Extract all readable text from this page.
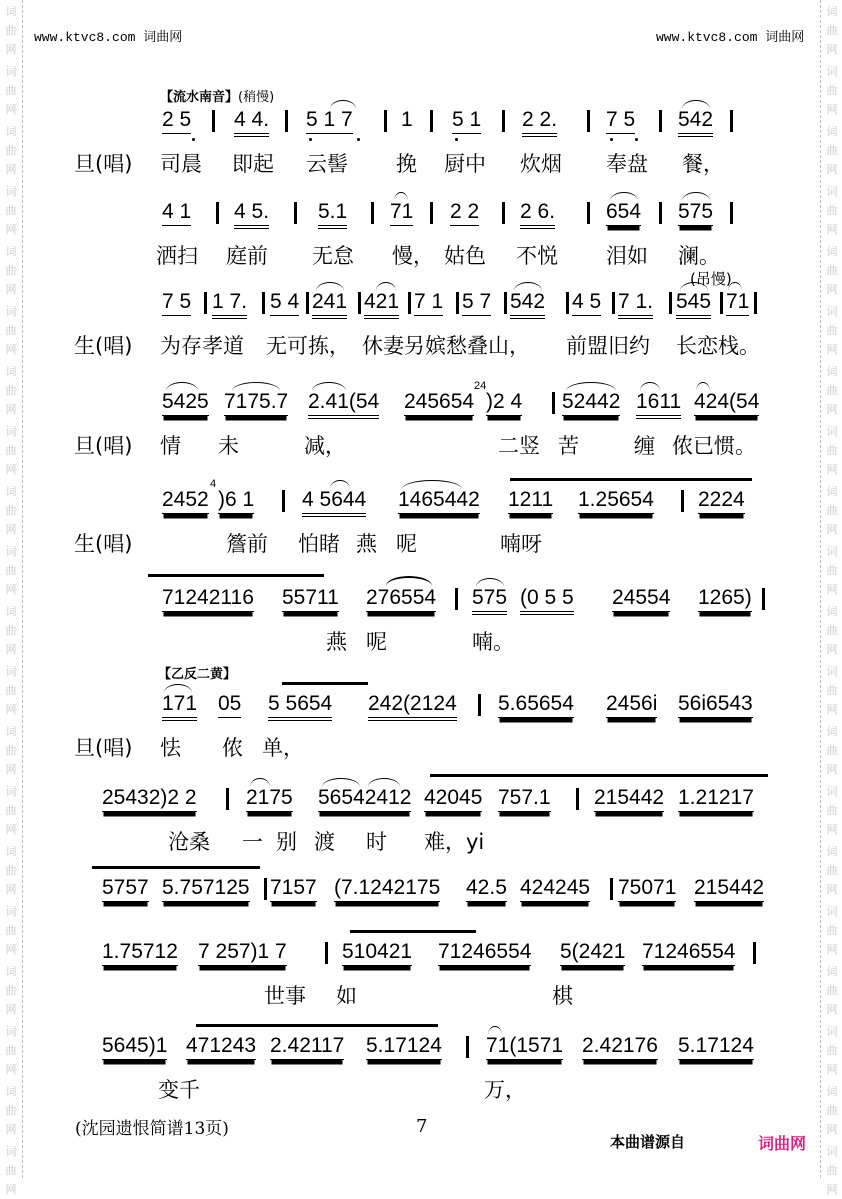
词
曲
网
词
曲
网
词
曲
网
词
曲
网
词
曲
网
词
曲
网
词
曲
网
词
曲
网
词
曲
网
词
曲
网
词
曲
网
词
曲
网
词
曲
网
词
曲
网
词
曲
网
词
曲
网
词
曲
网
词
曲
网
词
曲
网
词
曲
网
词
曲
网
词
曲
网
词
曲
网
词
曲
网
词
曲
网
词
曲
网
词
曲
网
词
曲
网
词
曲
网
词
曲
网
词
曲
网
词
曲
网
词
曲
网
词
曲
网
词
曲
网
词
曲
网
词
曲
网
词
曲
网
词
曲
网
词
曲
网
www.ktvc8.com 词曲网	www.ktvc8.com 词曲网
【流水南音】(稍慢)
2 5 4 4. 5 1 7 1 5 1 2 2. 7 5 542
旦(唱) 司晨 即起 云髻 挽 厨中 炊烟 奉盘 餐，
4 1 4 5. 5.1 71 2 2 2 6. 654 575
洒扫 庭前 无怠 慢， 姑色 不悦 泪如 澜。
(吊慢)
7 5 1 7. 5 4 241 421 7 1 5 7 542 4 5 7 1. 545 71
生(唱) 为存孝道 无可拣， 休妻另嫔愁叠山， 前盟旧约 长恋栈。
5425 7175.7 2.41(54 245654
24
)2 4 52442 1611 424(54
旦(唱) 情 未	减，	二竖 苦	缠 侬已惯。
2452
4
)6 1 4 5644 1465442 1211 1.25654 2224
生(唱)	簷前 怕睹 燕 呢	喃呀
71242116 55711 276554 575 (0 5 5 24554 1265)
燕 呢	喃。
【乙反二黄】
171 05 5 5654 242(2124 5.65654 2456i 56i6543
旦(唱) 怯 侬 单，
25432)2 2 2175 56542412 42045 757.1 215442 1.21217
沧桑 一 别 渡 时 难，yi
5757 5.757125 7157 (7.1242175 42.5 424245 75071 215442
1.75712 7 257)1 7	510421 71246554 5(2421 71246554
世事 如	棋
5645)1 471243 2.42117 5.17124 71(1571 2.42176 5.17124
变千	万，
(沈园遗恨简谱13页)	7
本曲谱源自	词曲网
